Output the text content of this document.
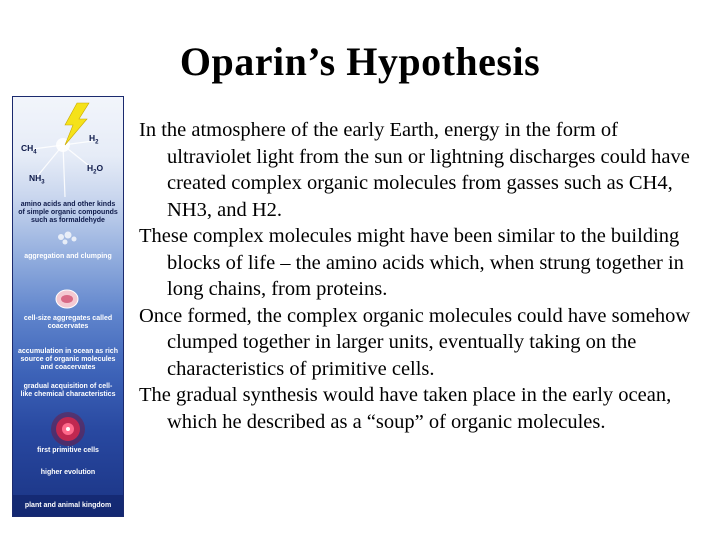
Oparin’s Hypothesis
$CH_4$
$H_2$
$NH_3$
$H_2O$
amino acids and other kinds of simple organic compounds such as formaldehyde
aggregation and clumping
cell-size aggregates called coacervates
accumulation in ocean as rich source of organic molecules and coacervates
gradual acquisition of cell-like chemical characteristics
first primitive cells
higher evolution
plant and animal kingdom

In the atmosphere of the early Earth, energy in the form of ultraviolet light from the sun or lightning discharges could have created complex organic molecules from gasses such as CH4, NH3, and H2.

These complex molecules might have been similar to the building blocks of life – the amino acids which, when strung together in long chains, from proteins.

Once formed, the complex organic molecules could have somehow clumped together in larger units, eventually taking on the characteristics of primitive cells.

The gradual synthesis would have taken place in the early ocean, which he described as a “soup” of organic molecules.
